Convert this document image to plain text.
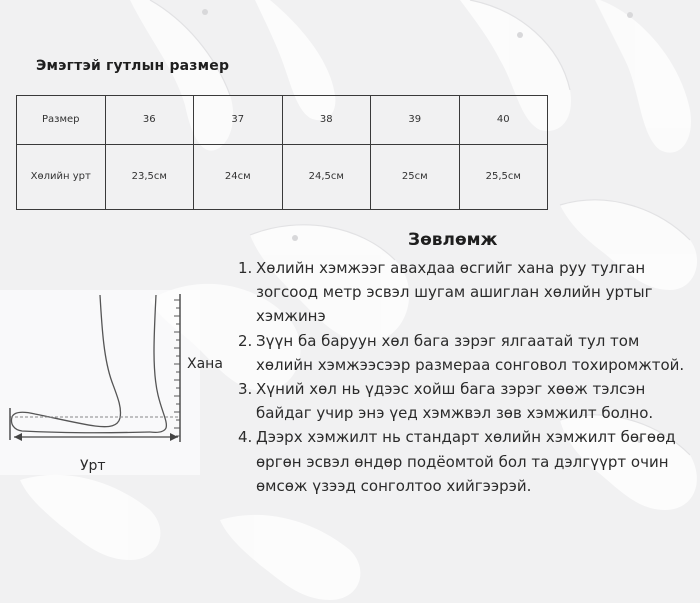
Эмэгтэй гутлын размер
Размер	36	37	38	39	40
Хөлийн урт	23,5см	24см	24,5см	25см	25,5см
Зөвлөмж
1. Хөлийн хэмжээг авахдаа өсгийг хана руу тулган зогсоод метр эсвэл шугам ашиглан хөлийн уртыг хэмжинэ
2. Зүүн ба баруун хөл бага зэрэг ялгаатай тул том хөлийн хэмжээсээр размераа сонговол тохиромжтой.
3. Хүний хөл нь үдээс хойш бага зэрэг хөөж тэлсэн байдаг учир энэ үед хэмжвэл зөв хэмжилт болно.
4. Дээрх хэмжилт нь стандарт хөлийн хэмжилт бөгөөд өргөн эсвэл өндөр подёомтой бол та дэлгүүрт очин өмсөж үзээд сонголтоо хийгээрэй.
Хана
Урт
